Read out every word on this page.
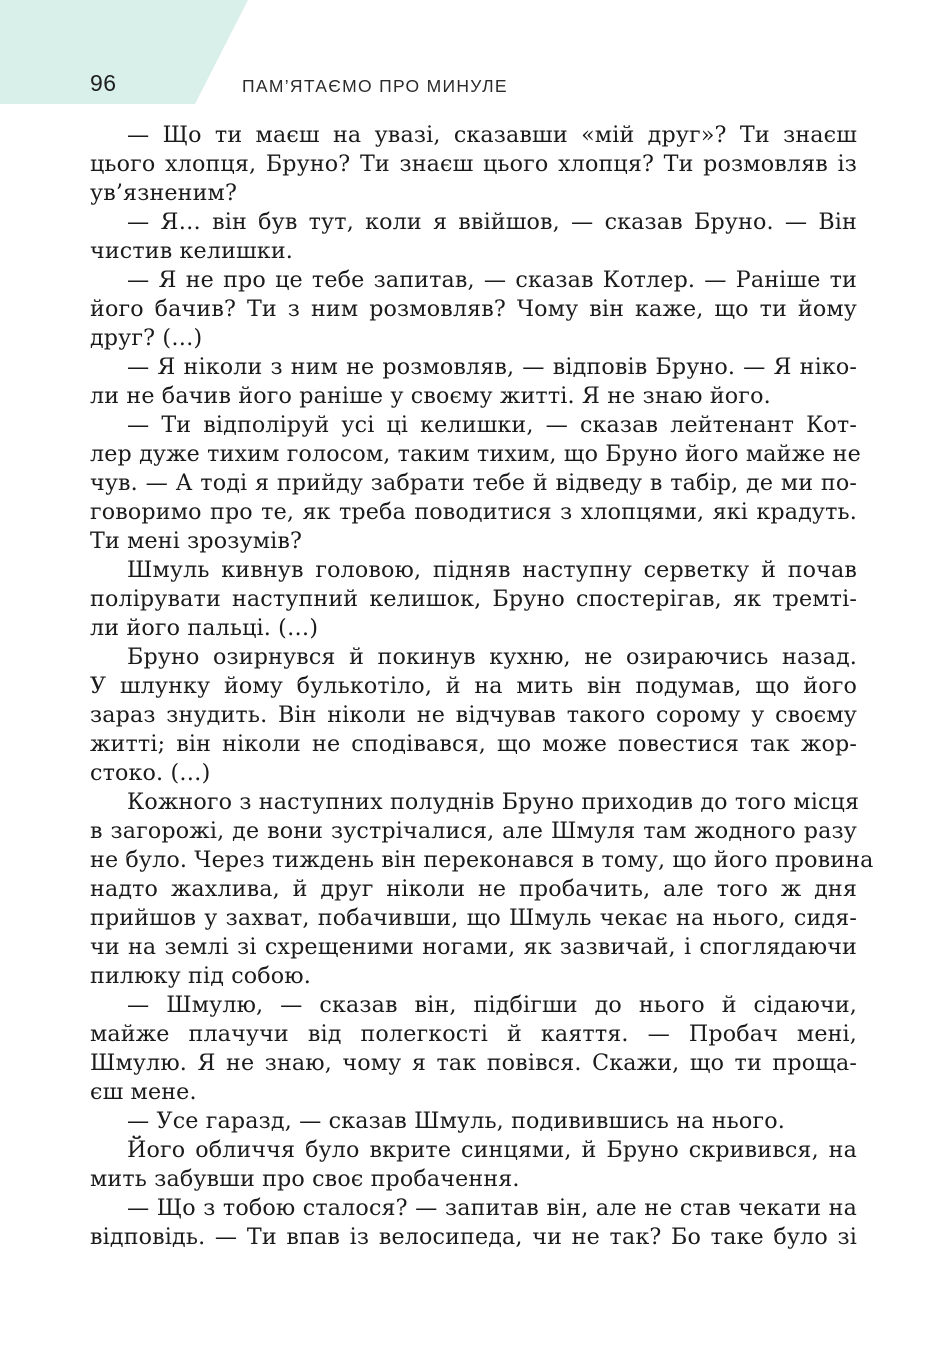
96	ПАМ’ЯТАЄМО ПРО МИНУЛЕ
— Що ти маєш на увазі, сказавши «мій друг»? Ти знаєш
цього хлопця, Бруно? Ти знаєш цього хлопця? Ти розмовляв із
ув’язненим?
— Я… він був тут, коли я ввійшов, — сказав Бруно. — Він
чистив келишки.
— Я не про це тебе запитав, — сказав Котлер. — Раніше ти
його бачив? Ти з ним розмовляв? Чому він каже, що ти йому
друг? (…)
— Я ніколи з ним не розмовляв, — відповів Бруно. — Я ніко-
ли не бачив його раніше у своєму житті. Я не знаю його.
— Ти відполіруй усі ці келишки, — сказав лейтенант Кот-
лер дуже тихим голосом, таким тихим, що Бруно його майже не
чув. — А тоді я прийду забрати тебе й відведу в табір, де ми по-
говоримо про те, як треба поводитися з хлопцями, які крадуть.
Ти мені зрозумів?
Шмуль кивнув головою, підняв наступну серветку й почав
полірувати наступний келишок, Бруно спостерігав, як тремті-
ли його пальці. (…)
Бруно озирнувся й покинув кухню, не озираючись назад.
У шлунку йому булькотіло, й на мить він подумав, що його
зараз знудить. Він ніколи не відчував такого сорому у своєму
житті; він ніколи не сподівався, що може повестися так жор-
стоко. (…)
Кожного з наступних полуднів Бруно приходив до того місця
в загорожі, де вони зустрічалися, але Шмуля там жодного разу
не було. Через тиждень він переконався в тому, що його провина
надто жахлива, й друг ніколи не пробачить, але того ж дня
прийшов у захват, побачивши, що Шмуль чекає на нього, сидя-
чи на землі зі схрещеними ногами, як зазвичай, і споглядаючи
пилюку під собою.
— Шмулю, — сказав він, підбігши до нього й сідаючи,
майже плачучи від полегкості й каяття. — Пробач мені,
Шмулю. Я не знаю, чому я так повівся. Скажи, що ти проща-
єш мене.
— Усе гаразд, — сказав Шмуль, подивившись на нього.
Його обличчя було вкрите синцями, й Бруно скривився, на
мить забувши про своє пробачення.
— Що з тобою сталося? — запитав він, але не став чекати на
відповідь. — Ти впав із велосипеда, чи не так? Бо таке було зі
